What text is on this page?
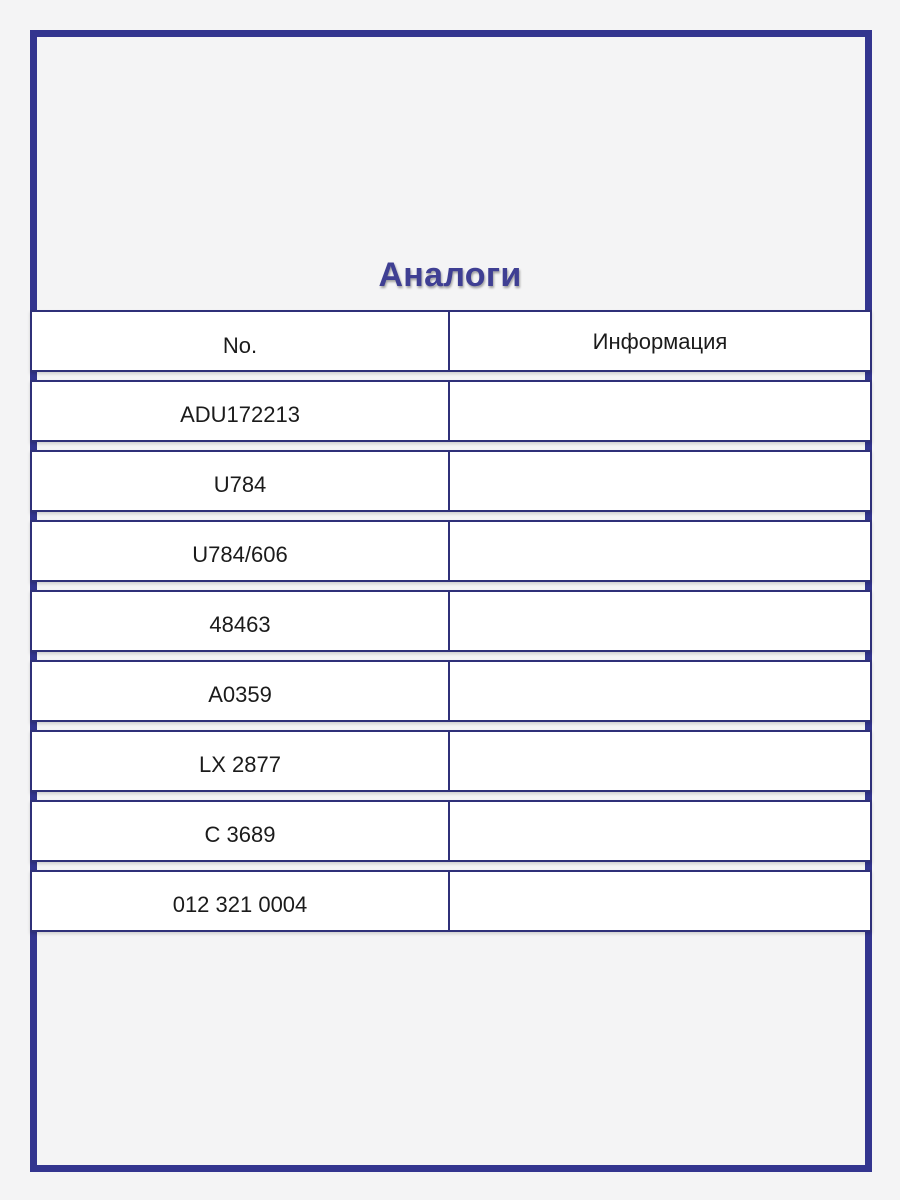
Аналоги
No.	Информация
ADU172213
U784
U784/606
48463
A0359
LX 2877
C 3689
012 321 0004
